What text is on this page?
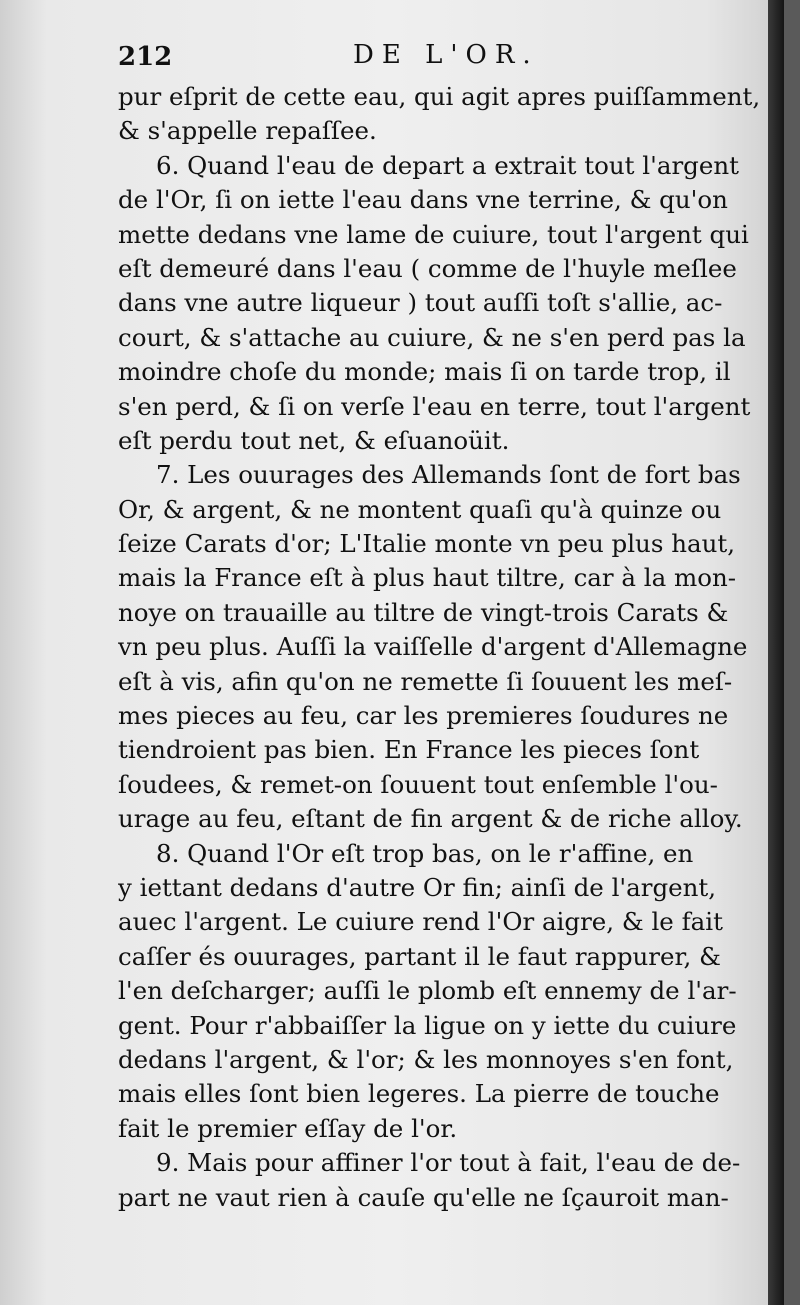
212	DE L'OR.
pur eſprit de cette eau, qui agit apres puiſſamment,
& s'appelle repaſſee.
6. Quand l'eau de depart a extrait tout l'argent
de l'Or, ſi on iette l'eau dans vne terrine, & qu'on
mette dedans vne lame de cuiure, tout l'argent qui
eſt demeuré dans l'eau ( comme de l'huyle meſlee
dans vne autre liqueur ) tout auſſi toſt s'allie, ac-
court, & s'attache au cuiure, & ne s'en perd pas la
moindre choſe du monde; mais ſi on tarde trop, il
s'en perd, & ſi on verſe l'eau en terre, tout l'argent
eſt perdu tout net, & eſuanoüit.
7. Les ouurages des Allemands ſont de fort bas
Or, & argent, & ne montent quaſi qu'à quinze ou
ſeize Carats d'or; L'Italie monte vn peu plus haut,
mais la France eſt à plus haut tiltre, car à la mon-
noye on trauaille au tiltre de vingt-trois Carats &
vn peu plus. Auſſi la vaiſſelle d'argent d'Allemagne
eſt à vis, afin qu'on ne remette ſi ſouuent les meſ-
mes pieces au feu, car les premieres ſoudures ne
tiendroient pas bien. En France les pieces ſont
ſoudees, & remet-on ſouuent tout enſemble l'ou-
urage au feu, eſtant de fin argent & de riche alloy.
8. Quand l'Or eſt trop bas, on le r'affine, en
y iettant dedans d'autre Or fin; ainſi de l'argent,
auec l'argent. Le cuiure rend l'Or aigre, & le fait
caſſer és ouurages, partant il le faut rappurer, &
l'en deſcharger; auſſi le plomb eſt ennemy de l'ar-
gent. Pour r'abbaiſſer la ligue on y iette du cuiure
dedans l'argent, & l'or; & les monnoyes s'en font,
mais elles ſont bien legeres. La pierre de touche
fait le premier eſſay de l'or.
9. Mais pour affiner l'or tout à fait, l'eau de de-
part ne vaut rien à cauſe qu'elle ne ſçauroit man-
